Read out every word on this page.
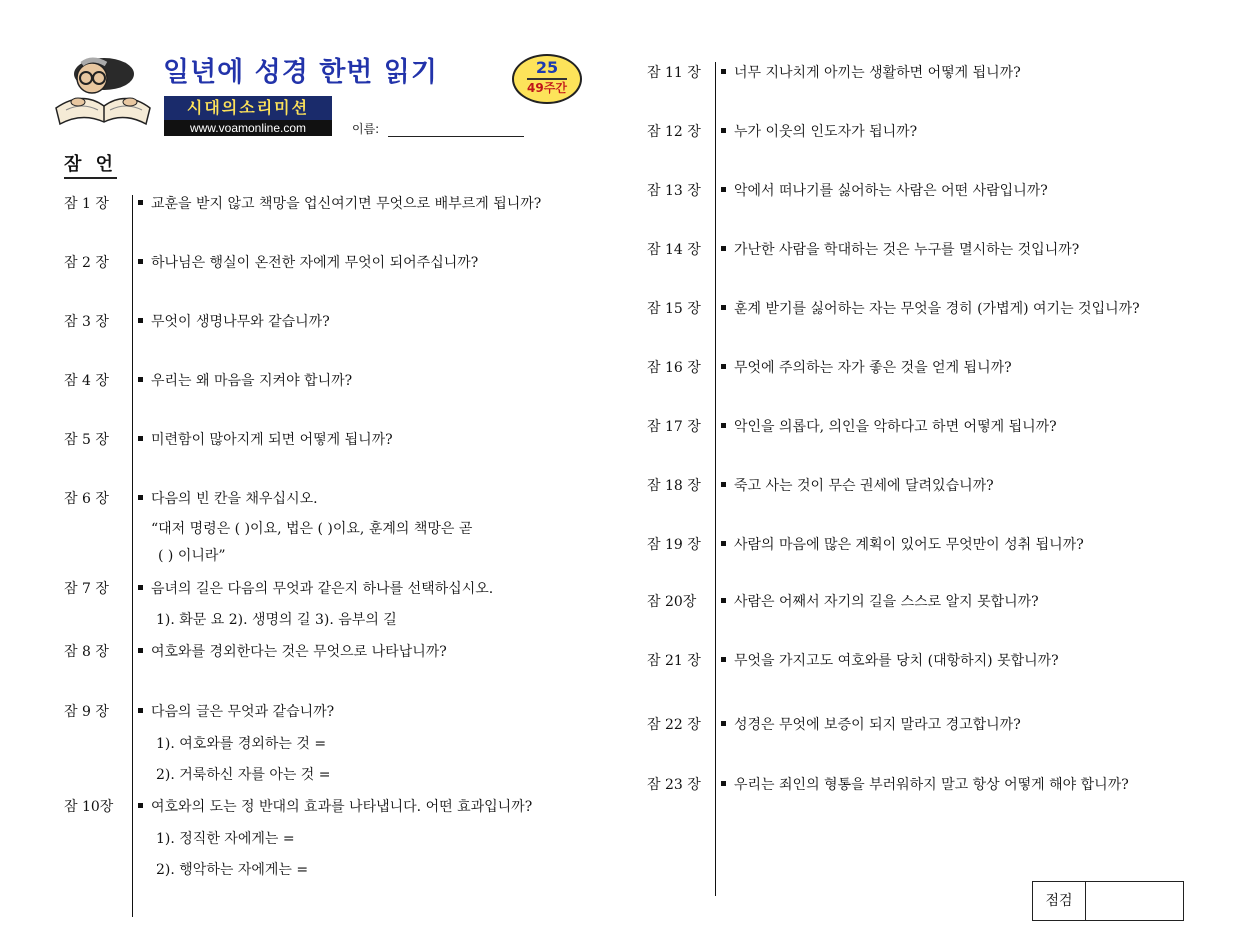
일년에 성경 한번 읽기	25
49주간
시대의소리미션
www.voamonline.com	이름:
잠 언
잠 1 장	교훈을 받지 않고 책망을 업신여기면 무엇으로 배부르게 됩니까?
잠 2 장	하나님은 행실이 온전한 자에게 무엇이 되어주십니까?
잠 3 장	무엇이 생명나무와 같습니까?
잠 4 장	우리는 왜 마음을 지켜야 합니까?
잠 5 장	미련함이 많아지게 되면 어떻게 됩니까?
잠 6 장	다음의 빈 칸을 채우십시오.
“대저 명령은 ( )이요, 법은 ( )이요, 훈계의 책망은 곧
( ) 이니라”
잠 7 장	음녀의 길은 다음의 무엇과 같은지 하나를 선택하십시오.
1). 화문 요 2). 생명의 길 3). 음부의 길
잠 8 장	여호와를 경외한다는 것은 무엇으로 나타납니까?
잠 9 장	다음의 글은 무엇과 같습니까?
1). 여호와를 경외하는 것 =
2). 거룩하신 자를 아는 것 =
잠 10장	여호와의 도는 정 반대의 효과를 나타냅니다. 어떤 효과입니까?
1). 정직한 자에게는 =
2). 행악하는 자에게는 =
잠 11 장	너무 지나치게 아끼는 생활하면 어떻게 됩니까?
잠 12 장	누가 이웃의 인도자가 됩니까?
잠 13 장	악에서 떠나기를 싫어하는 사람은 어떤 사람입니까?
잠 14 장	가난한 사람을 학대하는 것은 누구를 멸시하는 것입니까?
잠 15 장	훈계 받기를 싫어하는 자는 무엇을 경히 (가볍게) 여기는 것입니까?
잠 16 장	무엇에 주의하는 자가 좋은 것을 얻게 됩니까?
잠 17 장	악인을 의롭다, 의인을 악하다고 하면 어떻게 됩니까?
잠 18 장	죽고 사는 것이 무슨 권세에 달려있습니까?
잠 19 장	사람의 마음에 많은 계획이 있어도 무엇만이 성취 됩니까?
잠 20장	사람은 어째서 자기의 길을 스스로 알지 못합니까?
잠 21 장	무엇을 가지고도 여호와를 당치 (대항하지) 못합니까?
잠 22 장	성경은 무엇에 보증이 되지 말라고 경고합니까?
잠 23 장	우리는 죄인의 형통을 부러워하지 말고 항상 어떻게 해야 합니까?
점검
